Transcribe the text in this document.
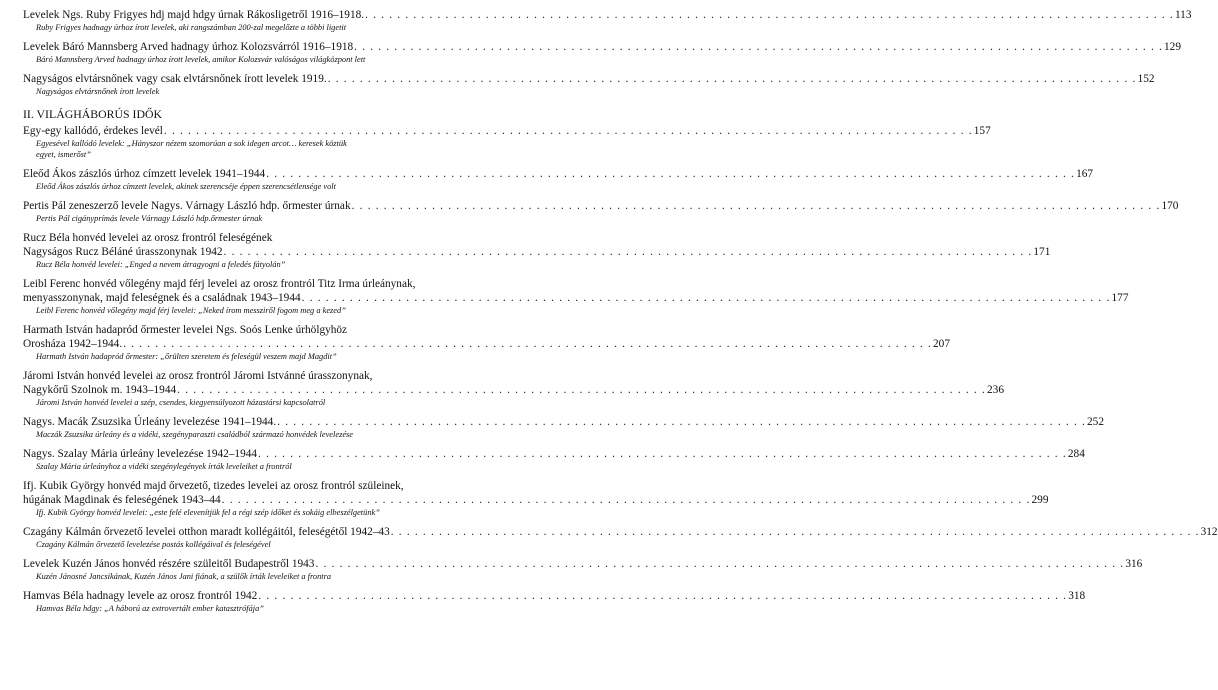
Levelek Ngs. Ruby Frigyes hdj majd hdgy úrnak Rákosligetről 1916–1918. . . .	113
Ruby Frigyes hadnagy úrhoz írott levelek, aki rangszámban 200-zal megelőzte a többi ligetit
Levelek Báró Mannsberg Arved hadnagy úrhoz Kolozsvárról 1916–1918 . . .	129
Báró Mannsberg Arved hadnagy úrhoz írott levelek, amikor Kolozsvár valóságos világközpont lett
Nagyságos elvtársnőnek vagy csak elvtársnőnek írott levelek 1919. . . .	152
Nagyságos elvtársnőnek írott levelek
II. VILÁGHÁBORÚS IDŐK
Egy-egy kallódó, érdekes levél . . .	157
Egyesével kallódó levelek: „Hányszor nézem szomorúan a sok idegen arcot… keresek köztük
egyet, ismerőst”
Eleőd Ákos zászlós úrhoz címzett levelek 1941–1944 . . .	167
Eleőd Ákos zászlós úrhoz címzett levelek, akinek szerencséje éppen szerencsétlensége volt
Pertis Pál zeneszerző levele Nagys. Várnagy László hdp. őrmester úrnak . . .	170
Pertis Pál cigányprímás levele Várnagy László hdp.őrmester úrnak
Rucz Béla honvéd levelei az orosz frontról feleségének
Nagyságos Rucz Béláné úrasszonynak 1942 . . .	171
Rucz Béla honvéd levelei: „Enged a nevem átragyogni a feledés fátyolán”
Leibl Ferenc honvéd vőlegény majd férj levelei az orosz frontról Titz Irma úrleánynak,
menyasszonynak, majd feleségnek és a családnak 1943–1944 . . .	177
Leibl Ferenc honvéd vőlegény majd férj levelei: „Neked írom messziről fogom meg a kezed”
Harmath István hadapród őrmester levelei Ngs. Soós Lenke úrhölgyhöz
Orosháza 1942–1944. . . .	207
Harmath István hadapród őrmester: „őrülten szeretem és feleségül veszem majd Magdit”
Járomi István honvéd levelei az orosz frontról Járomi Istvánné úrasszonynak,
Nagykőrű Szolnok m. 1943–1944 . . .	236
Járomi István honvéd levelei a szép, csendes, kiegyensúlyozott házastársi kapcsolatról
Nagys. Macák Zsuzsika Úrleány levelezése 1941–1944. . . .	252
Maczák Zsuzsika úrleány és a vidéki, szegényparaszti családból származó honvédek levelezése
Nagys. Szalay Mária úrleány levelezése 1942–1944 . . .	284
Szalay Mária úrleányhoz a vidéki szegénylegények írták leveleiket a frontról
Ifj. Kubik György honvéd majd őrvezető, tizedes levelei az orosz frontról szüleinek,
húgának Magdinak és feleségének 1943–44 . . .	299
Ifj. Kubik György honvéd levelei: „este felé elevenítjük fel a régi szép időket és sokáig elbeszélgetünk”
Czagány Kálmán őrvezető levelei otthon maradt kollégáitól, feleségétől 1942–43 . . .	312
Czagány Kálmán őrvezető levelezése postás kollégáival és feleségével
Levelek Kuzén János honvéd részére szüleitől Budapestről 1943 . . .	316
Kuzén Jánosné Jancsikának, Kuzén János Jani fiának, a szülők írták leveleiket a frontra
Hamvas Béla hadnagy levele az orosz frontról 1942 . . .	318
Hamvas Béla hdgy: „A háború az extrovertált ember katasztrófája”
